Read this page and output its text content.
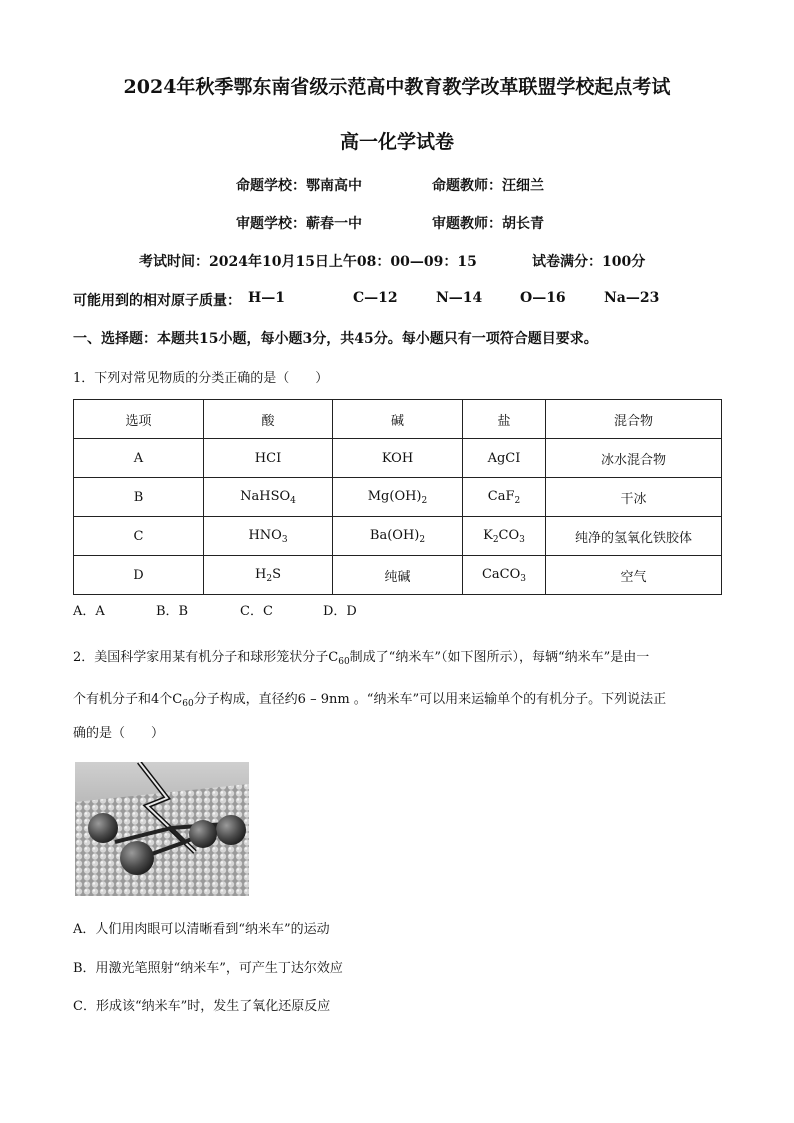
2024年秋季鄂东南省级示范高中教育教学改革联盟学校起点考试
高一化学试卷
命题学校：鄂南高中	命题教师：汪细兰
审题学校：蕲春一中	审题教师：胡长青
考试时间：2024年10月15日上午08：00—09：15	试卷满分：100分
可能用到的相对原子质量： H—1	C—12	N—14	O—16	Na—23
一、选择题：本题共15小题，每小题3分，共45分。每小题只有一项符合题目要求。
1．下列对常见物质的分类正确的是（　　）
选项	酸	碱	盐	混合物
A	HCI	KOH	AgCI	冰水混合物
B	NaHSO$_4$	$Mg(OH)_2$	CaF$_2$	干冰
C	$HNO_3$	$Ba(OH)_2$	$K_2CO_3$	纯净的氢氧化铁胶体
D	$H_2S$	纯碱	CaCO$_3$	空气
A．A	B．B	C．C	D．D
2．美国科学家用某有机分子和球形笼状分子$C_{60}$制成了“纳米车”（如下图所示），每辆“纳米车”是由一
个有机分子和4个$C_{60}$分子构成，直径约6 – 9nm 。“纳米车”可以用来运输单个的有机分子。下列说法正
确的是（　　）
A．人们用肉眼可以清晰看到“纳米车”的运动
B．用激光笔照射“纳米车”，可产生丁达尔效应
C．形成该“纳米车”时，发生了氧化还原反应
